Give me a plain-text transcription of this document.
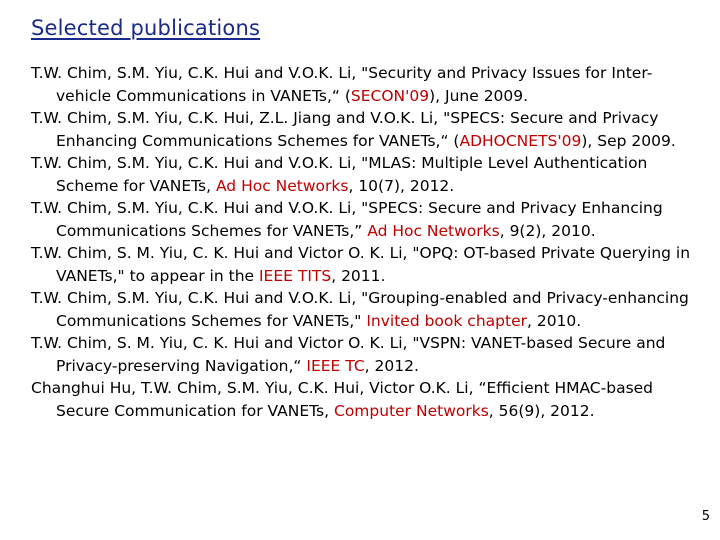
Selected publications
T.W. Chim, S.M. Yiu, C.K. Hui and V.O.K. Li, "Security and Privacy Issues for Inter-vehicle Communications in VANETs,“ (SECON'09), June 2009.
T.W. Chim, S.M. Yiu, C.K. Hui, Z.L. Jiang and V.O.K. Li, "SPECS: Secure and Privacy Enhancing Communications Schemes for VANETs,“ (ADHOCNETS'09), Sep 2009.
T.W. Chim, S.M. Yiu, C.K. Hui and V.O.K. Li, "MLAS: Multiple Level Authentication Scheme for VANETs, Ad Hoc Networks, 10(7), 2012.
T.W. Chim, S.M. Yiu, C.K. Hui and V.O.K. Li, "SPECS: Secure and Privacy Enhancing Communications Schemes for VANETs,” Ad Hoc Networks, 9(2), 2010.
T.W. Chim, S. M. Yiu, C. K. Hui and Victor O. K. Li, "OPQ: OT-based Private Querying in VANETs," to appear in the IEEE TITS, 2011.
T.W. Chim, S.M. Yiu, C.K. Hui and V.O.K. Li, "Grouping-enabled and Privacy-enhancing Communications Schemes for VANETs," Invited book chapter, 2010.
T.W. Chim, S. M. Yiu, C. K. Hui and Victor O. K. Li, "VSPN: VANET-based Secure and Privacy-preserving Navigation,“ IEEE TC, 2012.
Changhui Hu, T.W. Chim, S.M. Yiu, C.K. Hui, Victor O.K. Li, “Efficient HMAC-based Secure Communication for VANETs, Computer Networks, 56(9), 2012.
5
